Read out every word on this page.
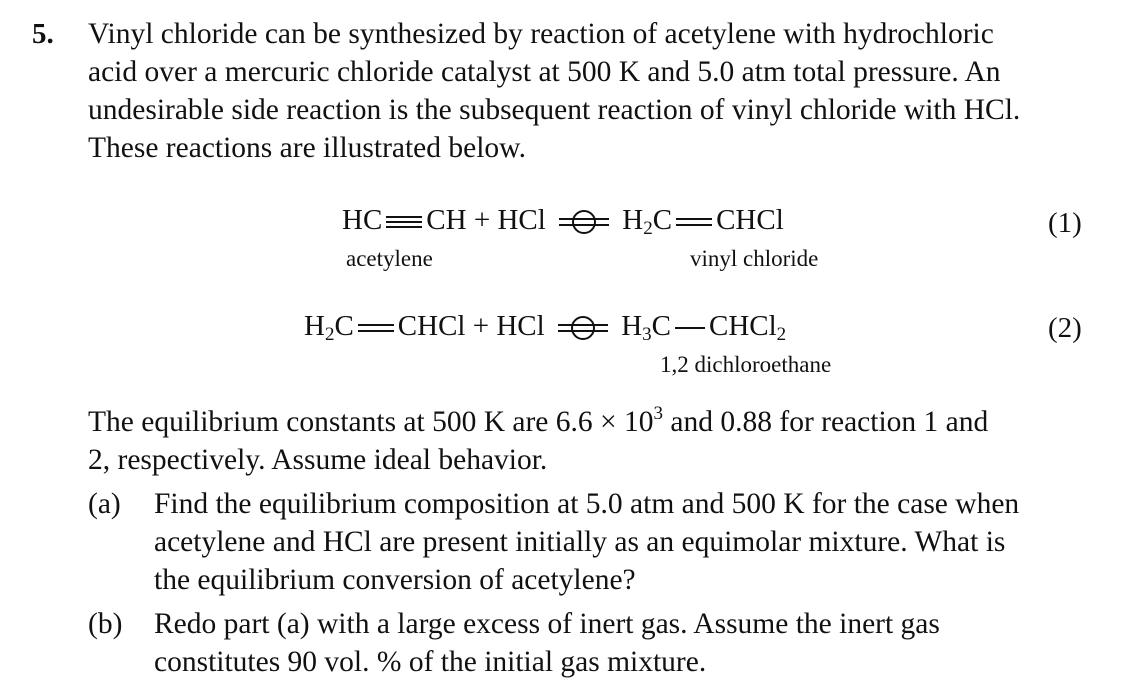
5. Vinyl chloride can be synthesized by reaction of acetylene with hydrochloric
acid over a mercuric chloride catalyst at 500 K and 5.0 atm total pressure. An
undesirable side reaction is the subsequent reaction of vinyl chloride with HCl.
These reactions are illustrated below.
HC CH + HCl ⇌ $H_2C$ CHCl	(1)
acetylene	vinyl chloride
$H_2C$ CHCl + HCl ⇌ $H_3C$ CHCl$_2$	(2)
1,2 dichloroethane
The equilibrium constants at 500 K are $6.6 \times 10^3$ and 0.88 for reaction 1 and
2, respectively. Assume ideal behavior.
(a) Find the equilibrium composition at 5.0 atm and 500 K for the case when
acetylene and HCl are present initially as an equimolar mixture. What is
the equilibrium conversion of acetylene?
(b) Redo part (a) with a large excess of inert gas. Assume the inert gas
constitutes 90 vol. % of the initial gas mixture.
